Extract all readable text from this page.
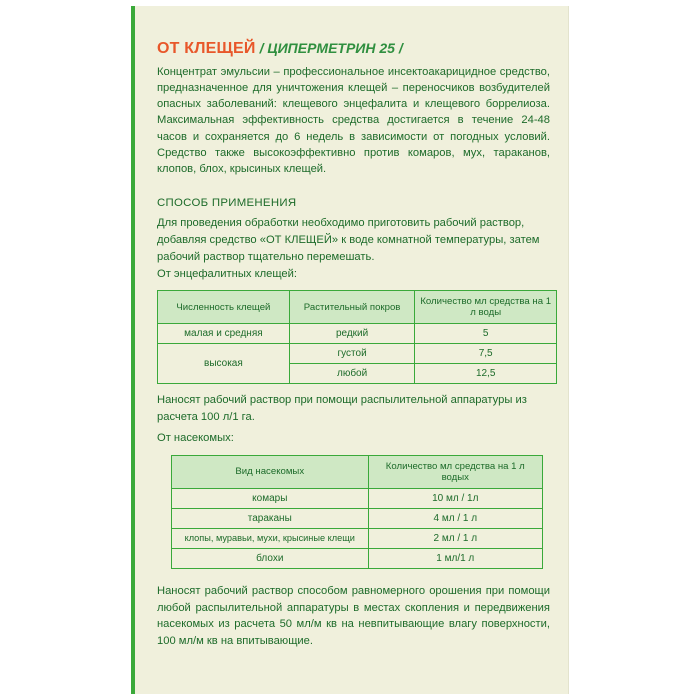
ОТ КЛЕЩЕЙ / ЦИПЕРМЕТРИН 25 /

Концентрат эмульсии – профессиональное инсектоакарицидное средство, предназначенное для уничтожения клещей – переносчиков возбудителей опасных заболеваний: клещевого энцефалита и клещевого боррелиоза. Максимальная эффективность средства достигается в течение 24-48 часов и сохраняется до 6 недель в зависимости от погодных условий. Средство также высокоэффективно против комаров, мух, тараканов, клопов, блох, крысиных клещей.

СПОСОБ ПРИМЕНЕНИЯ

Для проведения обработки необходимо приготовить рабочий раствор, добавляя средство «ОТ КЛЕЩЕЙ» к воде комнатной температуры, затем рабочий раствор тщательно перемешать.

От энцефалитных клещей:

Численность клещей	Растительный покров	Количество мл средства на 1 л воды
малая и средняя	редкий	5
высокая	густой	7,5
	любой	12,5

Наносят рабочий раствор при помощи распылительной аппаратуры из расчета 100 л/1 га.

От насекомых:

Вид насекомых	Количество мл средства на 1 л водых
комары	10 мл / 1л
тараканы	4 мл / 1 л
клопы, муравьи, мухи, крысиные клещи	2 мл / 1 л
блохи	1 мл/1 л

Наносят рабочий раствор способом равномерного орошения при помощи любой распылительной аппаратуры в местах скопления и передвижения насекомых из расчета 50 мл/м кв на невпитывающие влагу поверхности, 100 мл/м кв на впитывающие.
